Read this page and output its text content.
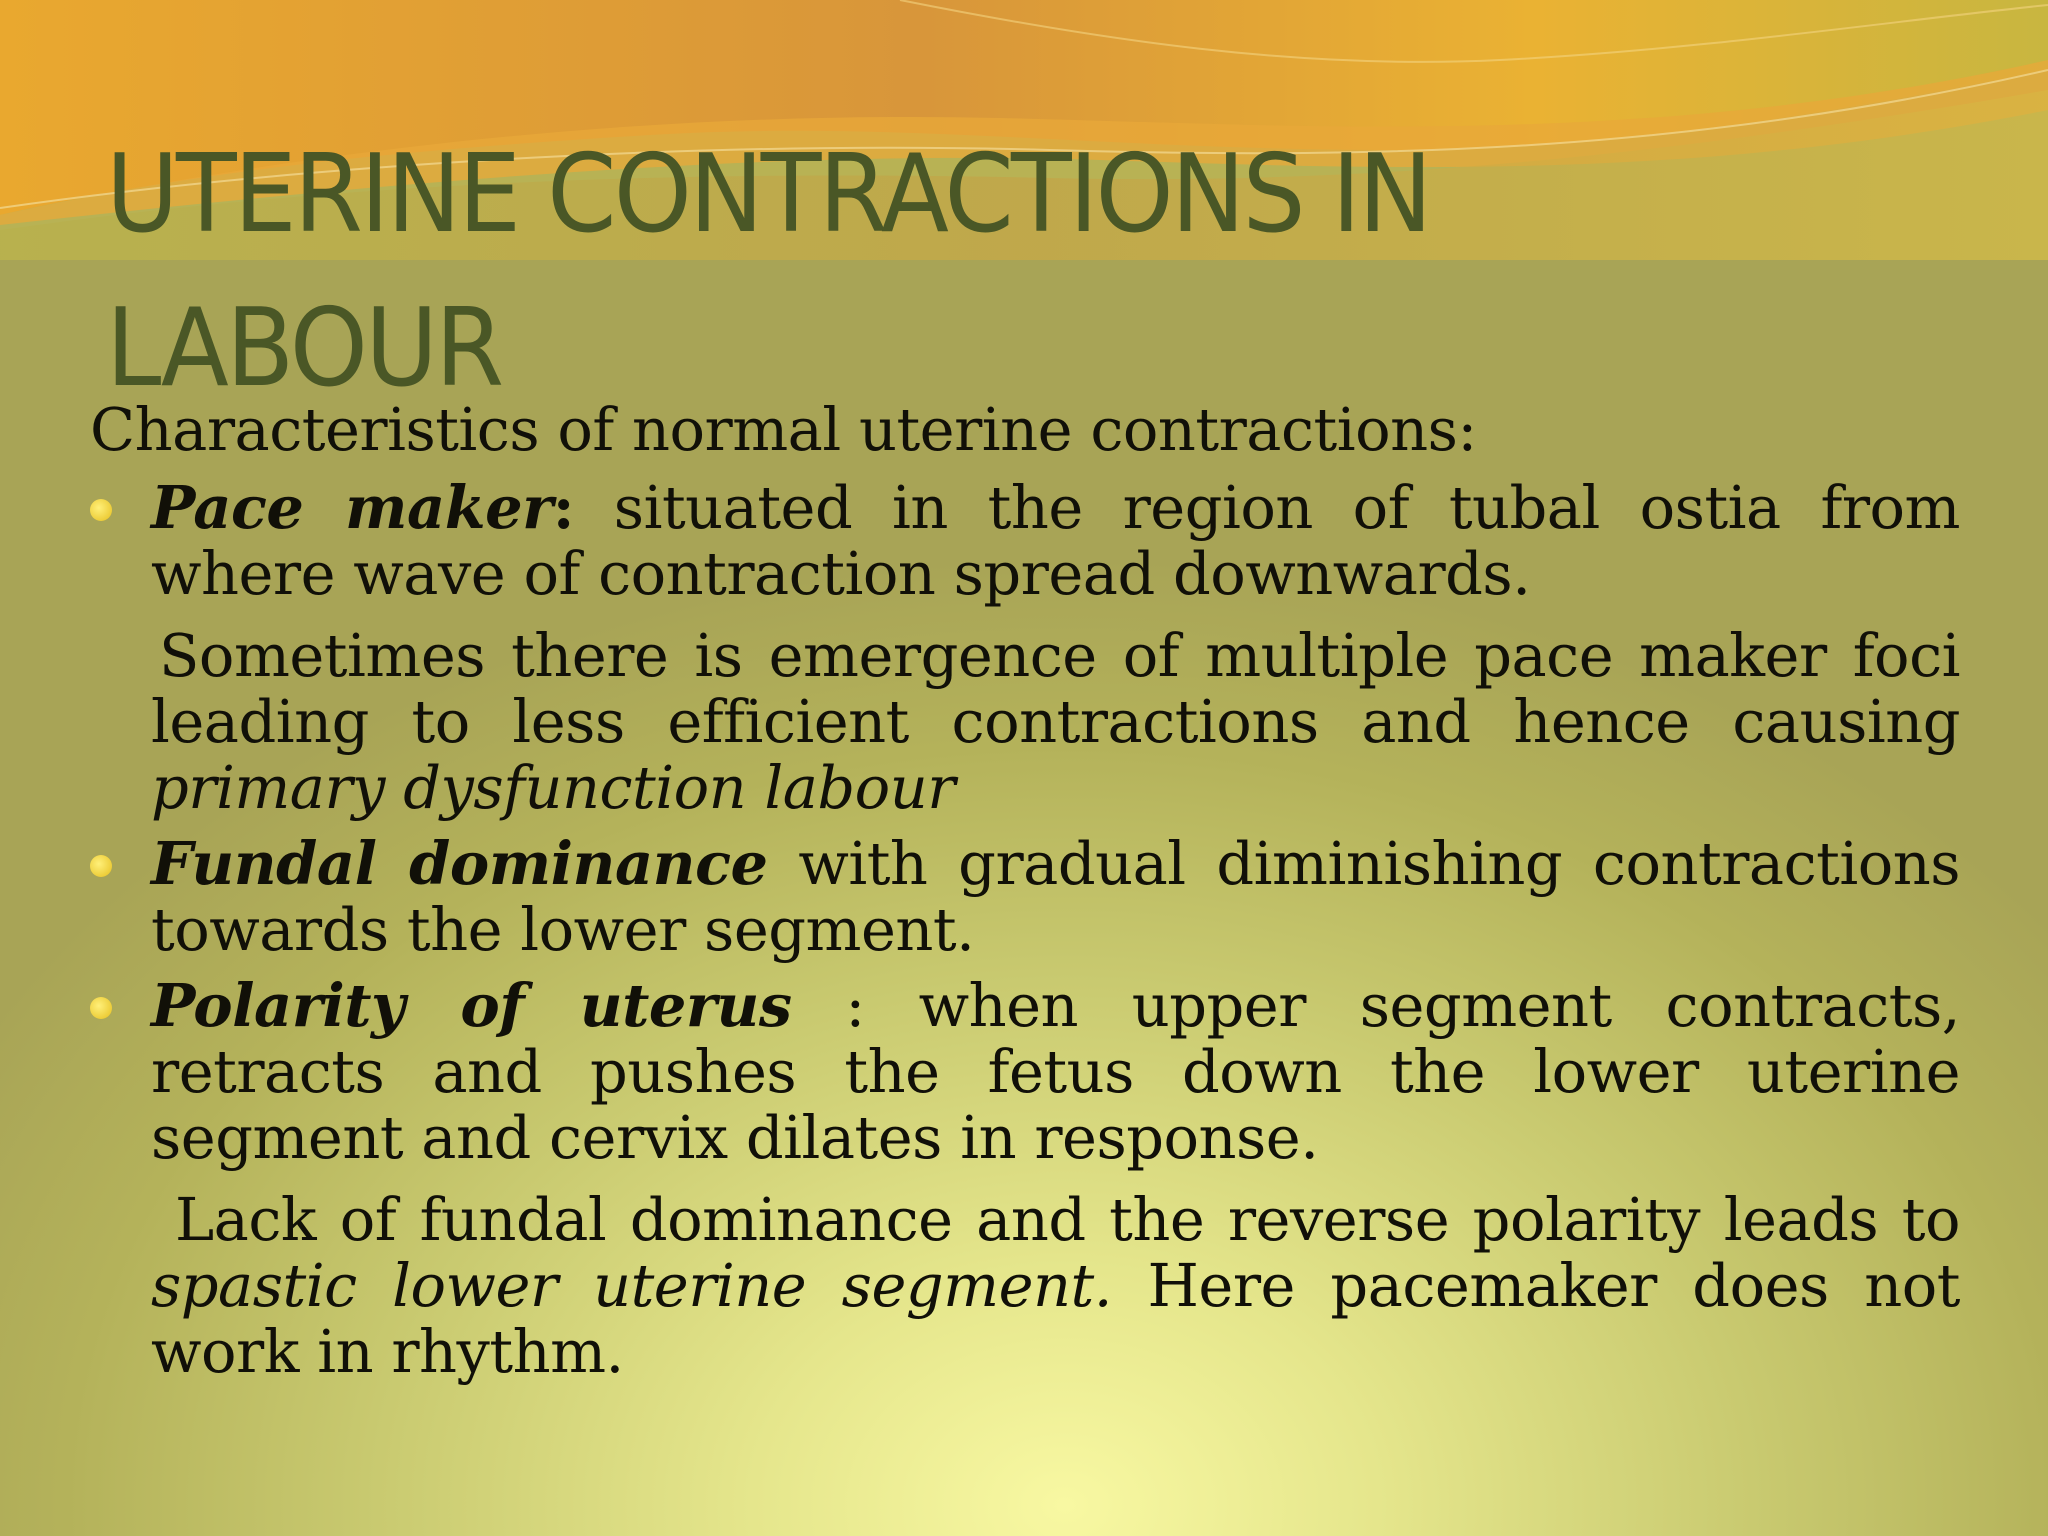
UTERINE CONTRACTIONS IN LABOUR

Characteristics of normal uterine contractions:

Pace maker: situated in the region of tubal ostia from where wave of contraction spread downwards.

Sometimes there is emergence of multiple pace maker foci leading to less efficient contractions and hence causing primary dysfunction labour

Fundal dominance with gradual diminishing contractions towards the lower segment.

Polarity of uterus : when upper segment contracts, retracts and pushes the fetus down the lower uterine segment and cervix dilates in response.

Lack of fundal dominance and the reverse polarity leads to spastic lower uterine segment. Here pacemaker does not work in rhythm.
